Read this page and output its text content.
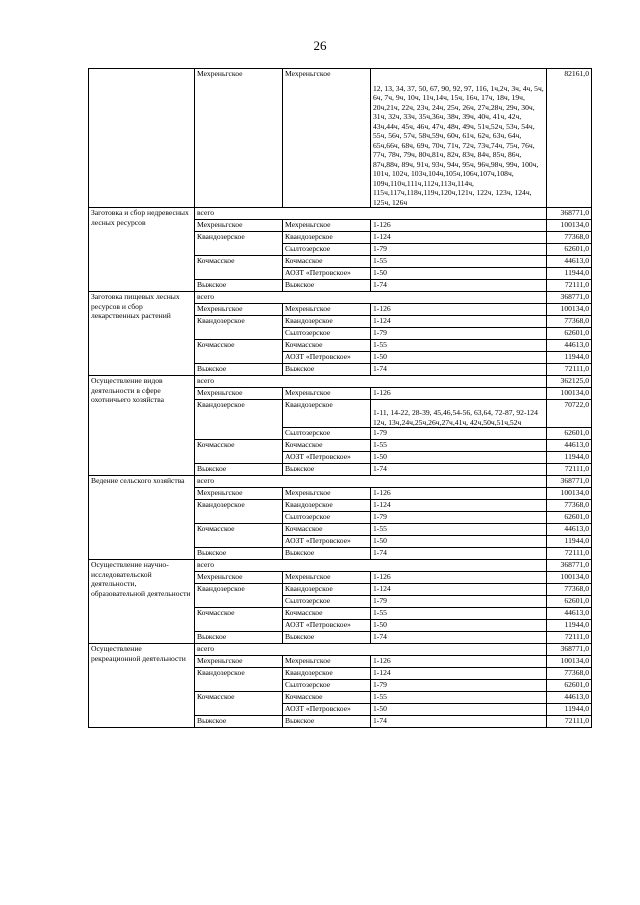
26
	Мехреньгское	Мехреньгское	12, 13, 34, 37, 50, 67, 90, 92, 97, 116, 1ч,2ч, 3ч, 4ч, 5ч, 6ч, 7ч, 9ч, 10ч, 11ч,14ч, 15ч, 16ч, 17ч, 18ч, 19ч, 20ч,21ч, 22ч, 23ч, 24ч, 25ч, 26ч, 27ч,28ч, 29ч, 30ч, 31ч, 32ч, 33ч, 35ч,36ч, 38ч, 39ч, 40ч, 41ч, 42ч, 43ч,44ч, 45ч, 46ч, 47ч, 48ч, 49ч, 51ч,52ч, 53ч, 54ч, 55ч, 56ч, 57ч, 58ч,59ч, 60ч, 61ч, 62ч, 63ч, 64ч, 65ч,66ч, 68ч, 69ч, 70ч, 71ч, 72ч, 73ч,74ч, 75ч, 76ч, 77ч, 78ч, 79ч, 80ч,81ч, 82ч, 83ч, 84ч, 85ч, 86ч, 87ч,88ч, 89ч, 91ч, 93ч, 94ч, 95ч, 96ч,98ч, 99ч, 100ч, 101ч, 102ч, 103ч,104ч,105ч,106ч,107ч,108ч, 109ч,110ч,111ч,112ч,113ч,114ч, 115ч,117ч,118ч,119ч,120ч,121ч, 122ч, 123ч, 124ч, 125ч, 126ч	82161,0
Заготовка и сбор недревесных лесных ресурсов	всего			368771,0
	Мехреньгское	Мехреньгское	1-126	100134,0
	Квандозерское	Квандозерское	1-124	77368,0
		Сылтозерское	1-79	62601,0
	Кочмасское	Кочмасское	1-55	44613,0
		АОЗТ «Петровское»	1-50	11944,0
	Выжское	Выжское	1-74	72111,0
Заготовка пищевых лесных ресурсов и сбор лекарственных растений	всего			368771,0
	Мехреньгское	Мехреньгское	1-126	100134,0
	Квандозерское	Квандозерское	1-124	77368,0
		Сылтозерское	1-79	62601,0
	Кочмасское	Кочмасское	1-55	44613,0
		АОЗТ «Петровское»	1-50	11944,0
	Выжское	Выжское	1-74	72111,0
Осуществление видов деятельности в сфере охотничьего хозяйства	всего			362125,0
	Мехреньгское	Мехреньгское	1-126	100134,0
	Квандозерское	Квандозерское	1-11, 14-22, 28-39, 45,46,54-56, 63,64, 72-87, 92-124 12ч, 13ч,24ч,25ч,26ч,27ч,41ч, 42ч,50ч,51ч,52ч	70722,0
		Сылтозерское	1-79	62601,0
	Кочмасское	Кочмасское	1-55	44613,0
		АОЗТ «Петровское»	1-50	11944,0
	Выжское	Выжское	1-74	72111,0
Ведение сельского хозяйства	всего			368771,0
	Мехреньгское	Мехреньгское	1-126	100134,0
	Квандозерское	Квандозерское	1-124	77368,0
		Сылтозерское	1-79	62601,0
	Кочмасское	Кочмасское	1-55	44613,0
		АОЗТ «Петровское»	1-50	11944,0
	Выжское	Выжское	1-74	72111,0
Осуществление научно-исследовательской деятельности, образовательной деятельности	всего			368771,0
	Мехреньгское	Мехреньгское	1-126	100134,0
	Квандозерское	Квандозерское	1-124	77368,0
		Сылтозерское	1-79	62601,0
	Кочмасское	Кочмасское	1-55	44613,0
		АОЗТ «Петровское»	1-50	11944,0
	Выжское	Выжское	1-74	72111,0
Осуществление рекреационной деятельности	всего			368771,0
	Мехреньгское	Мехреньгское	1-126	100134,0
	Квандозерское	Квандозерское	1-124	77368,0
		Сылтозерское	1-79	62601,0
	Кочмасское	Кочмасское	1-55	44613,0
		АОЗТ «Петровское»	1-50	11944,0
	Выжское	Выжское	1-74	72111,0
